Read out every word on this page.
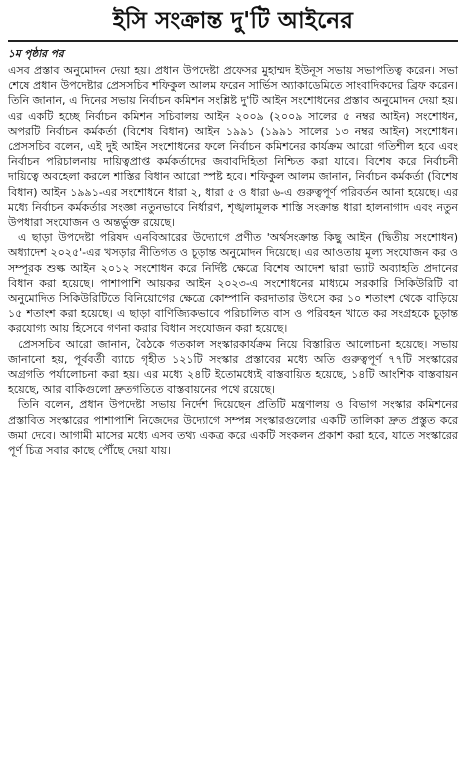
ইসি সংক্রান্ত দু'টি আইনের
১ম পৃষ্ঠার পর

এসব প্রস্তাব অনুমোদন দেয়া হয়। প্রধান উপদেষ্টা প্রফেসর মুহাম্মদ ইউনূস সভায় সভাপতিত্ব করেন। সভা শেষে প্রধান উপদেষ্টার প্রেসসচিব শফিকুল আলম ফরেন সার্ভিস অ্যাকাডেমিতে সাংবাদিকদের ব্রিফ করেন। তিনি জানান, এ দিনের সভায় নির্বাচন কমিশন সংশ্লিষ্ট দু'টি আইন সংশোধনের প্রস্তাব অনুমোদন দেয়া হয়। এর একটি হচ্ছে নির্বাচন কমিশন সচিবালয় আইন ২০০৯ (২০০৯ সালের ৫ নম্বর আইন) সংশোধন, অপরটি নির্বাচন কর্মকর্তা (বিশেষ বিধান) আইন ১৯৯১ (১৯৯১ সালের ১৩ নম্বর আইন) সংশোধন। প্রেসসচিব বলেন, এই দুই আইন সংশোধনের ফলে নির্বাচন কমিশনের কার্যক্রম আরো গতিশীল হবে এবং নির্বাচন পরিচালনায় দায়িত্বপ্রাপ্ত কর্মকর্তাদের জবাবদিহিতা নিশ্চিত করা যাবে। বিশেষ করে নির্বাচনী দায়িত্বে অবহেলা করলে শাস্তির বিধান আরো স্পষ্ট হবে। শফিকুল আলম জানান, নির্বাচন কর্মকর্তা (বিশেষ বিধান) আইন ১৯৯১-এর সংশোধনে ধারা ২, ধারা ৫ ও ধারা ৬-এ গুরুত্বপূর্ণ পরিবর্তন আনা হয়েছে। এর মধ্যে নির্বাচন কর্মকর্তার সংজ্ঞা নতুনভাবে নির্ধারণ, শৃঙ্খলামূলক শাস্তি সংক্রান্ত ধারা হালনাগাদ এবং নতুন উপধারা সংযোজন ও অন্তর্ভুক্ত রয়েছে।

এ ছাড়া উপদেষ্টা পরিষদ এনবিআরের উদ্যোগে প্রণীত 'অর্থসংক্রান্ত কিছু আইন (দ্বিতীয় সংশোধন) অধ্যাদেশ ২০২৫'-এর খসড়ার নীতিগত ও চূড়ান্ত অনুমোদন দিয়েছে। এর আওতায় মূল্য সংযোজন কর ও সম্পূরক শুল্ক আইন ২০১২ সংশোধন করে নির্দিষ্ট ক্ষেত্রে বিশেষ আদেশ দ্বারা ভ্যাট অব্যাহতি প্রদানের বিধান করা হয়েছে। পাশাপাশি আয়কর আইন ২০২৩-এ সংশোধনের মাধ্যমে সরকারি সিকিউরিটি বা অনুমোদিত সিকিউরিটিতে বিনিয়োগের ক্ষেত্রে কোম্পানি করদাতার উৎসে কর ১০ শতাংশ থেকে বাড়িয়ে ১৫ শতাংশ করা হয়েছে। এ ছাড়া বাণিজ্যিকভাবে পরিচালিত বাস ও পরিবহন খাতে কর সংগ্রহকে চূড়ান্ত করযোগ্য আয় হিসেবে গণনা করার বিধান সংযোজন করা হয়েছে।

প্রেসসচিব আরো জানান, বৈঠকে গতকাল সংস্কারকার্যক্রম নিয়ে বিস্তারিত আলোচনা হয়েছে। সভায় জানানো হয়, পূর্ববর্তী ব্যাচে গৃহীত ১২১টি সংস্কার প্রস্তাবের মধ্যে অতি গুরুত্বপূর্ণ ৭৭টি সংস্কারের অগ্রগতি পর্যালোচনা করা হয়। এর মধ্যে ২৪টি ইতোমধ্যেই বাস্তবায়িত হয়েছে, ১৪টি আংশিক বাস্তবায়ন হয়েছে, আর বাকিগুলো দ্রুতগতিতে বাস্তবায়নের পথে রয়েছে।

তিনি বলেন, প্রধান উপদেষ্টা সভায় নির্দেশ দিয়েছেন প্রতিটি মন্ত্রণালয় ও বিভাগ সংস্কার কমিশনের প্রস্তাবিত সংস্কারের পাশাপাশি নিজেদের উদ্যোগে সম্পন্ন সংস্কারগুলোর একটি তালিকা দ্রুত প্রস্তুত করে জমা দেবে। আগামী মাসের মধ্যে এসব তথ্য একত্র করে একটি সংকলন প্রকাশ করা হবে, যাতে সংস্কারের পূর্ণ চিত্র সবার কাছে পৌঁছে দেয়া যায়।
